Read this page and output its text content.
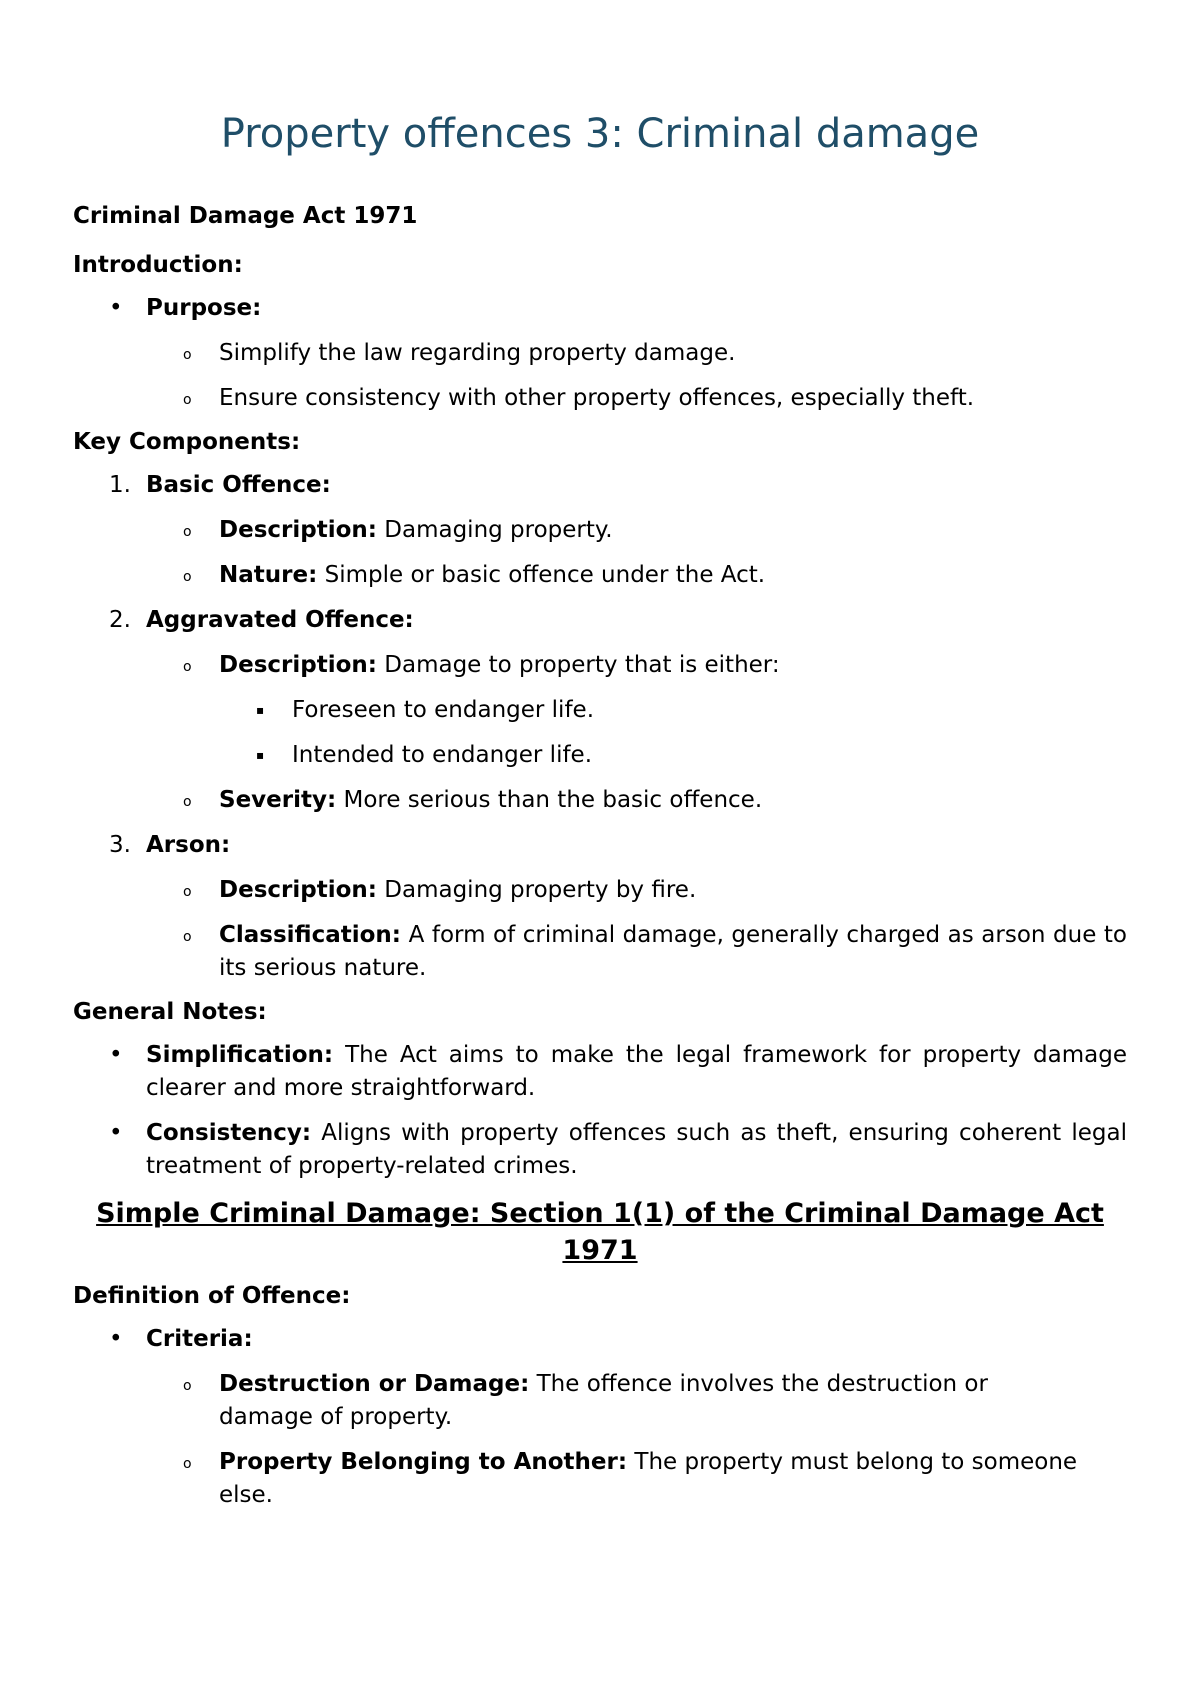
Property offences 3: Criminal damage

Criminal Damage Act 1971

Introduction:

• Purpose:
o Simplify the law regarding property damage.
o Ensure consistency with other property offences, especially theft.

Key Components:

1. Basic Offence:
o Description: Damaging property.
o Nature: Simple or basic offence under the Act.
2. Aggravated Offence:
o Description: Damage to property that is either:
▪ Foreseen to endanger life.
▪ Intended to endanger life.
o Severity: More serious than the basic offence.
3. Arson:
o Description: Damaging property by fire.
o Classification: A form of criminal damage, generally charged as arson due to its serious nature.

General Notes:

• Simplification: The Act aims to make the legal framework for property damage clearer and more straightforward.
• Consistency: Aligns with property offences such as theft, ensuring coherent legal treatment of property-related crimes.

Simple Criminal Damage: Section 1(1) of the Criminal Damage Act 1971

Definition of Offence:

• Criteria:
o Destruction or Damage: The offence involves the destruction or damage of property.
o Property Belonging to Another: The property must belong to someone else.
